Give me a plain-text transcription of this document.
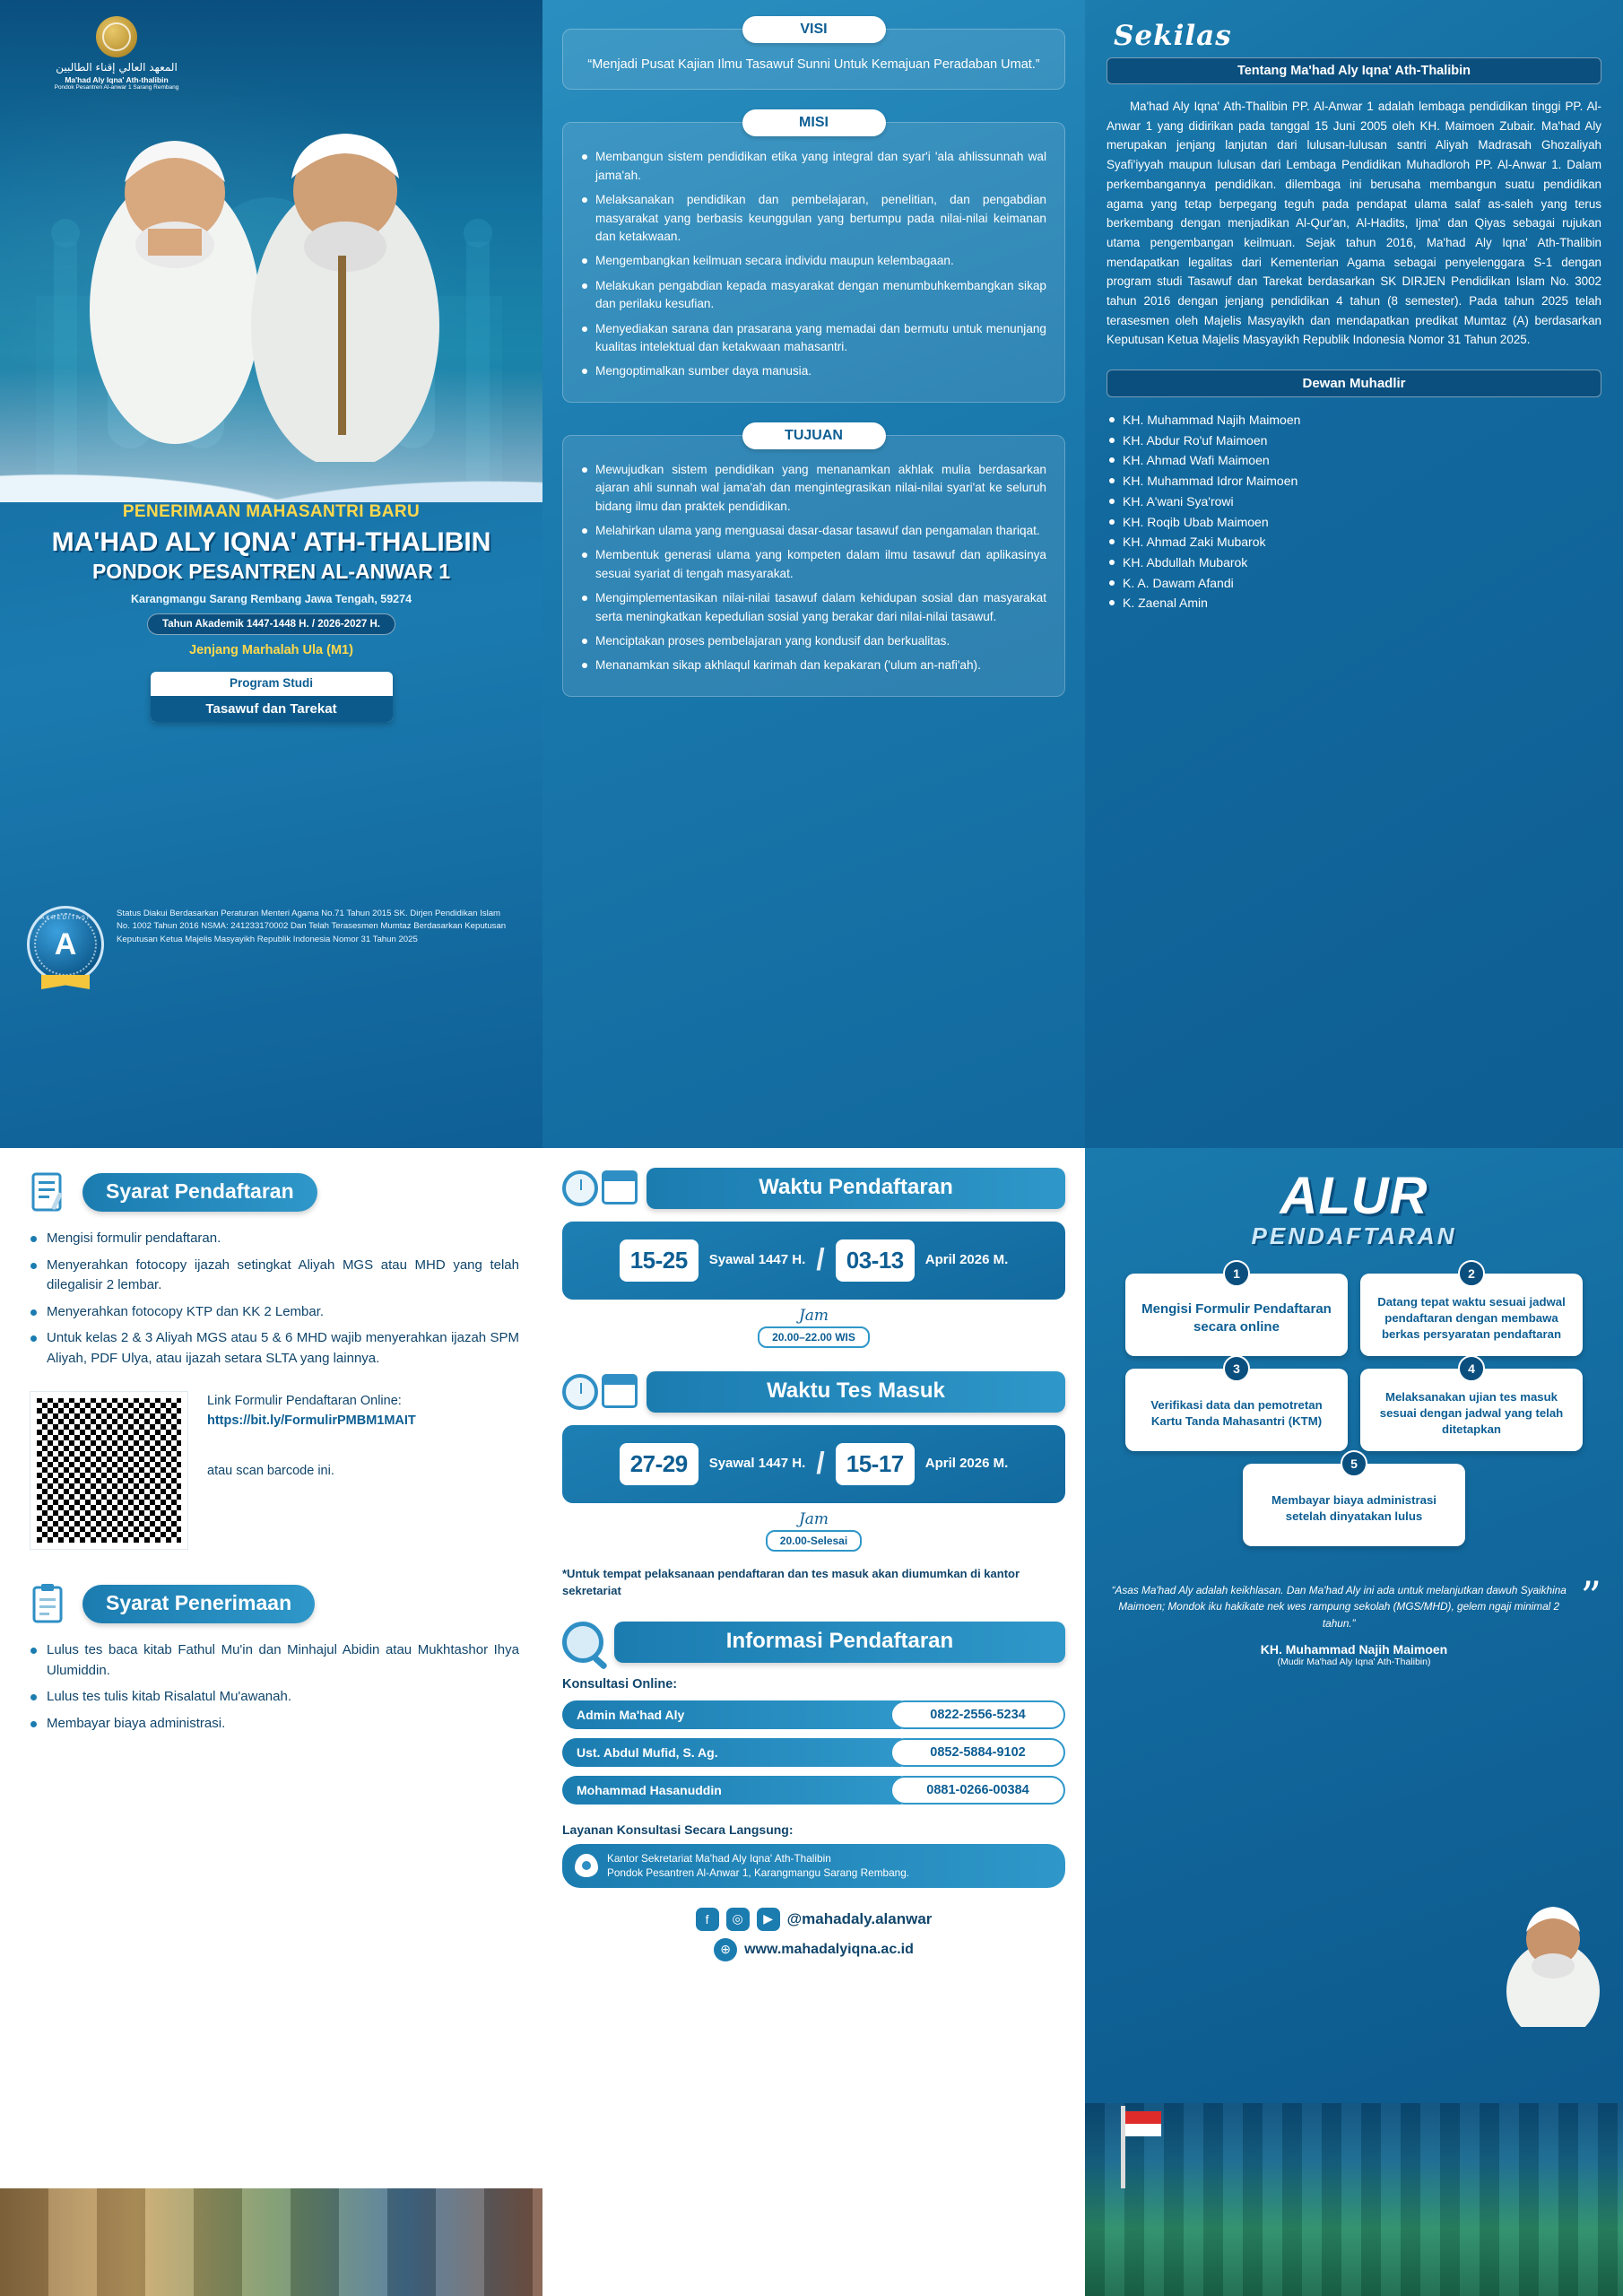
المعهد العالي إقناء الطالبين
Ma'had Aly Iqna' Ath-thalibin
Pondok Pesantren Al-anwar 1 Sarang Rembang
PENERIMAAN MAHASANTRI BARU
MA'HAD ALY IQNA' ATH-THALIBIN
PONDOK PESANTREN AL-ANWAR 1
Karangmangu Sarang Rembang Jawa Tengah, 59274
Tahun Akademik 1447-1448 H. / 2026-2027 H.
Jenjang Marhalah Ula (M1)
Program Studi
Tasawuf dan Tarekat
AKREDITASI
A
Status Diakui Berdasarkan Peraturan Menteri Agama No.71 Tahun 2015 SK. Dirjen Pendidikan Islam No. 1002 Tahun 2016 NSMA: 241233170002 Dan Telah Terasesmen Mumtaz Berdasarkan Keputusan Keputusan Ketua Majelis Masyayikh Republik Indonesia Nomor 31 Tahun 2025
VISI
“Menjadi Pusat Kajian Ilmu Tasawuf Sunni Untuk Kemajuan Peradaban Umat.”
MISI
Membangun sistem pendidikan etika yang integral dan syar'i 'ala ahlissunnah wal jama'ah.
Melaksanakan pendidikan dan pembelajaran, penelitian, dan pengabdian masyarakat yang berbasis keunggulan yang bertumpu pada nilai-nilai keimanan dan ketakwaan.
Mengembangkan keilmuan secara individu maupun kelembagaan.
Melakukan pengabdian kepada masyarakat dengan menumbuhkembangkan sikap dan perilaku kesufian.
Menyediakan sarana dan prasarana yang memadai dan bermutu untuk menunjang kualitas intelektual dan ketakwaan mahasantri.
Mengoptimalkan sumber daya manusia.
TUJUAN
Mewujudkan sistem pendidikan yang menanamkan akhlak mulia berdasarkan ajaran ahli sunnah wal jama'ah dan mengintegrasikan nilai-nilai syari'at ke seluruh bidang ilmu dan praktek pendidikan.
Melahirkan ulama yang menguasai dasar-dasar tasawuf dan pengamalan thariqat.
Membentuk generasi ulama yang kompeten dalam ilmu tasawuf dan aplikasinya sesuai syariat di tengah masyarakat.
Mengimplementasikan nilai-nilai tasawuf dalam kehidupan sosial dan masyarakat serta meningkatkan kepedulian sosial yang berakar dari nilai-nilai tasawuf.
Menciptakan proses pembelajaran yang kondusif dan berkualitas.
Menanamkan sikap akhlaqul karimah dan kepakaran ('ulum an-nafi'ah).
Sekilas
Tentang Ma'had Aly Iqna' Ath-Thalibin
Ma'had Aly Iqna' Ath-Thalibin PP. Al-Anwar 1 adalah lembaga pendidikan tinggi PP. Al-Anwar 1 yang didirikan pada tanggal 15 Juni 2005 oleh KH. Maimoen Zubair. Ma'had Aly merupakan jenjang lanjutan dari lulusan-lulusan santri Aliyah Madrasah Ghozaliyah Syafi'iyyah maupun lulusan dari Lembaga Pendidikan Muhadloroh PP. Al-Anwar 1. Dalam perkembangannya pendidikan. dilembaga ini berusaha membangun suatu pendidikan agama yang tetap berpegang teguh pada pendapat ulama salaf as-saleh yang terus berkembang dengan menjadikan Al-Qur'an, Al-Hadits, Ijma' dan Qiyas sebagai rujukan utama pengembangan keilmuan. Sejak tahun 2016, Ma'had Aly Iqna' Ath-Thalibin mendapatkan legalitas dari Kementerian Agama sebagai penyelenggara S-1 dengan program studi Tasawuf dan Tarekat berdasarkan SK DIRJEN Pendidikan Islam No. 3002 tahun 2016 dengan jenjang pendidikan 4 tahun (8 semester). Pada tahun 2025 telah terasesmen oleh Majelis Masyayikh dan mendapatkan predikat Mumtaz (A) berdasarkan Keputusan Ketua Majelis Masyayikh Republik Indonesia Nomor 31 Tahun 2025.
Dewan Muhadlir
KH. Muhammad Najih Maimoen
KH. Abdur Ro'uf Maimoen
KH. Ahmad Wafi Maimoen
KH. Muhammad Idror Maimoen
KH. A'wani Sya'rowi
KH. Roqib Ubab Maimoen
KH. Ahmad Zaki Mubarok
KH. Abdullah Mubarok
K. A. Dawam Afandi
K. Zaenal Amin
Syarat Pendaftaran
Mengisi formulir pendaftaran.
Menyerahkan fotocopy ijazah setingkat Aliyah MGS atau MHD yang telah dilegalisir 2 lembar.
Menyerahkan fotocopy KTP dan KK 2 Lembar.
Untuk kelas 2 & 3 Aliyah MGS atau 5 & 6 MHD wajib menyerahkan ijazah SPM Aliyah, PDF Ulya, atau ijazah setara SLTA yang lainnya.
Link Formulir Pendaftaran Online:
https://bit.ly/FormulirPMBM1MAIT
atau scan barcode ini.
Syarat Penerimaan
Lulus tes baca kitab Fathul Mu'in dan Minhajul Abidin atau Mukhtashor Ihya Ulumiddin.
Lulus tes tulis kitab Risalatul Mu'awanah.
Membayar biaya administrasi.
Waktu Pendaftaran
15-25	Syawal 1447 H. / 03-13	April 2026 M.
Jam
20.00–22.00 WIS
Waktu Tes Masuk
27-29	Syawal 1447 H. / 15-17	April 2026 M.
Jam
20.00-Selesai
*Untuk tempat pelaksanaan pendaftaran dan tes masuk akan diumumkan di kantor sekretariat
Informasi Pendaftaran
Konsultasi Online:
Admin Ma'had Aly	0822-2556-5234
Ust. Abdul Mufid, S. Ag.	0852-5884-9102
Mohammad Hasanuddin	0881-0266-00384
Layanan Konsultasi Secara Langsung:
Kantor Sekretariat Ma'had Aly Iqna' Ath-Thalibin
Pondok Pesantren Al-Anwar 1, Karangmangu Sarang Rembang.
f	◎	▶ @mahadaly.alanwar
⊕ www.mahadalyiqna.ac.id
ALUR
PENDAFTARAN
1
Mengisi Formulir Pendaftaran secara online
2
Datang tepat waktu sesuai jadwal pendaftaran dengan membawa berkas persyaratan pendaftaran
3
Verifikasi data dan pemotretan Kartu Tanda Mahasantri (KTM)
4
Melaksanakan ujian tes masuk sesuai dengan jadwal yang telah ditetapkan
5
Membayar biaya administrasi setelah dinyatakan lulus
“Asas Ma'had Aly adalah keikhlasan. Dan Ma'had Aly ini ada untuk melanjutkan dawuh Syaikhina Maimoen; Mondok iku hakikate nek wes rampung sekolah (MGS/MHD), gelem ngaji minimal 2 tahun.”
”
KH. Muhammad Najih Maimoen
(Mudir Ma'had Aly Iqna' Ath-Thalibin)
